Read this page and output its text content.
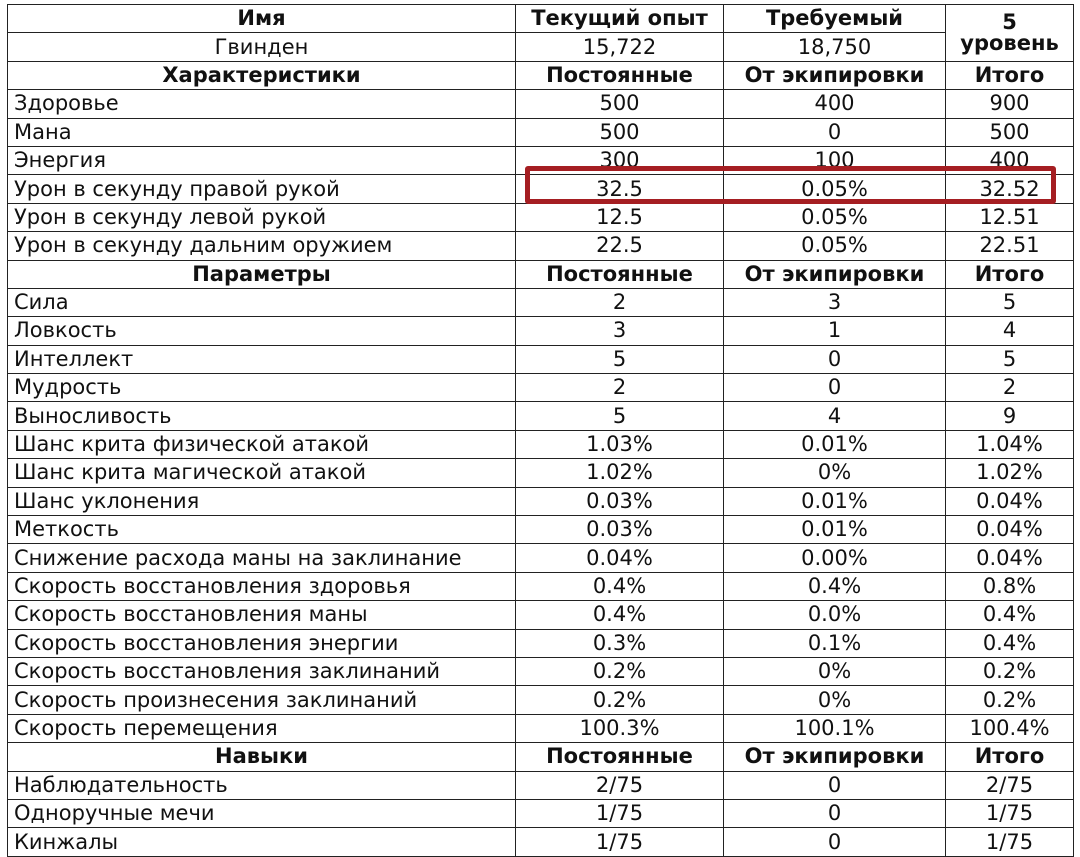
Имя	Текущий опыт	Требуемый	5
уровень
Гвинден	15,722	18,750	
Характеристики	Постоянные	От экипировки	Итого
Здоровье	500	400	900
Мана	500	0	500
Энергия	300	100	400
Урон в секунду правой рукой	32.5	0.05%	32.52
Урон в секунду левой рукой	12.5	0.05%	12.51
Урон в секунду дальним оружием	22.5	0.05%	22.51
Параметры	Постоянные	От экипировки	Итого
Сила	2	3	5
Ловкость	3	1	4
Интеллект	5	0	5
Мудрость	2	0	2
Выносливость	5	4	9
Шанс крита физической атакой	1.03%	0.01%	1.04%
Шанс крита магической атакой	1.02%	0%	1.02%
Шанс уклонения	0.03%	0.01%	0.04%
Меткость	0.03%	0.01%	0.04%
Снижение расхода маны на заклинание	0.04%	0.00%	0.04%
Скорость восстановления здоровья	0.4%	0.4%	0.8%
Скорость восстановления маны	0.4%	0.0%	0.4%
Скорость восстановления энергии	0.3%	0.1%	0.4%
Скорость восстановления заклинаний	0.2%	0%	0.2%
Скорость произнесения заклинаний	0.2%	0%	0.2%
Скорость перемещения	100.3%	100.1%	100.4%
Навыки	Постоянные	От экипировки	Итого
Наблюдательность	2/75	0	2/75
Одноручные мечи	1/75	0	1/75
Кинжалы	1/75	0	1/75
